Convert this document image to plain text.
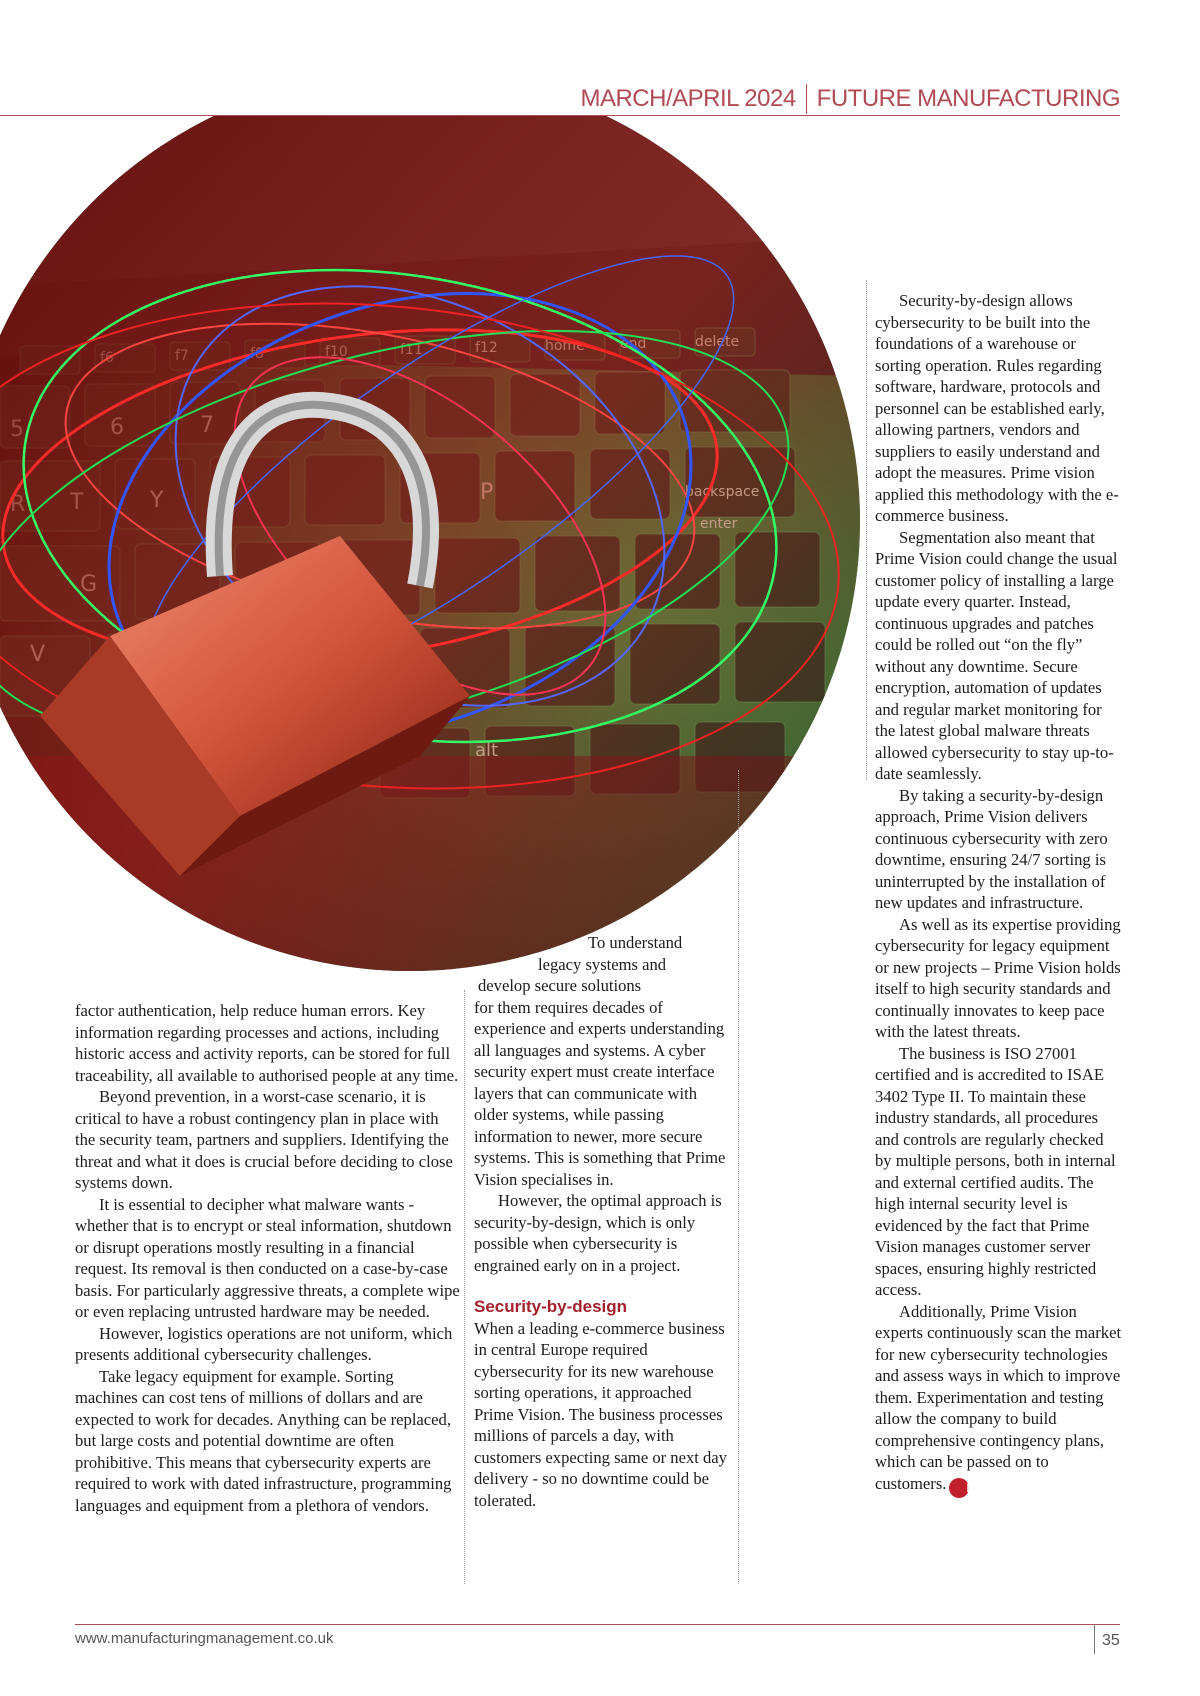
MARCH/APRIL 2024 FUTURE MANUFACTURING

factor authentication, help reduce human errors. Key information regarding processes and actions, including historic access and activity reports, can be stored for full traceability, all available to authorised people at any time.

Beyond prevention, in a worst-case scenario, it is critical to have a robust contingency plan in place with the security team, partners and suppliers. Identifying the threat and what it does is crucial before deciding to close systems down.

It is essential to decipher what malware wants - whether that is to encrypt or steal information, shutdown or disrupt operations mostly resulting in a financial request. Its removal is then conducted on a case-by-case basis. For particularly aggressive threats, a complete wipe or even replacing untrusted hardware may be needed.

However, logistics operations are not uniform, which presents additional cybersecurity challenges.

Take legacy equipment for example. Sorting machines can cost tens of millions of dollars and are expected to work for decades. Anything can be replaced, but large costs and potential downtime are often prohibitive. This means that cybersecurity experts are required to work with dated infrastructure, programming languages and equipment from a plethora of vendors.

To understand

legacy systems and

develop secure solutions

for them requires decades of experience and experts understanding all languages and systems. A cyber security expert must create interface layers that can communicate with older systems, while passing information to newer, more secure systems. This is something that Prime Vision specialises in.

However, the optimal approach is security-by-design, which is only possible when cybersecurity is engrained early on in a project.

Security-by-design

When a leading e-commerce business in central Europe required cybersecurity for its new warehouse sorting operations, it approached Prime Vision. The business processes millions of parcels a day, with customers expecting same or next day delivery - so no downtime could be tolerated.

Security-by-design allows cybersecurity to be built into the foundations of a warehouse or sorting operation. Rules regarding software, hardware, protocols and personnel can be established early, allowing partners, vendors and suppliers to easily understand and adopt the measures. Prime vision applied this methodology with the e-commerce business.

Segmentation also meant that Prime Vision could change the usual customer policy of installing a large update every quarter. Instead, continuous upgrades and patches could be rolled out “on the fly” without any downtime. Secure encryption, automation of updates and regular market monitoring for the latest global malware threats allowed cybersecurity to stay up-to-date seamlessly.

By taking a security-by-design approach, Prime Vision delivers continuous cybersecurity with zero downtime, ensuring 24/7 sorting is uninterrupted by the installation of new updates and infrastructure.

As well as its expertise providing cybersecurity for legacy equipment or new projects – Prime Vision holds itself to high security standards and continually innovates to keep pace with the latest threats.

The business is ISO 27001 certified and is accredited to ISAE 3402 Type II. To maintain these industry standards, all procedures and controls are regularly checked by multiple persons, both in internal and external certified audits. The high internal security level is evidenced by the fact that Prime Vision manages customer server spaces, ensuring highly restricted access.

Additionally, Prime Vision experts continuously scan the market for new cybersecurity technologies and assess ways in which to improve them. Experimentation and testing allow the company to build comprehensive contingency plans, which can be passed on to customers. M

www.manufacturingmanagement.co.uk	35
